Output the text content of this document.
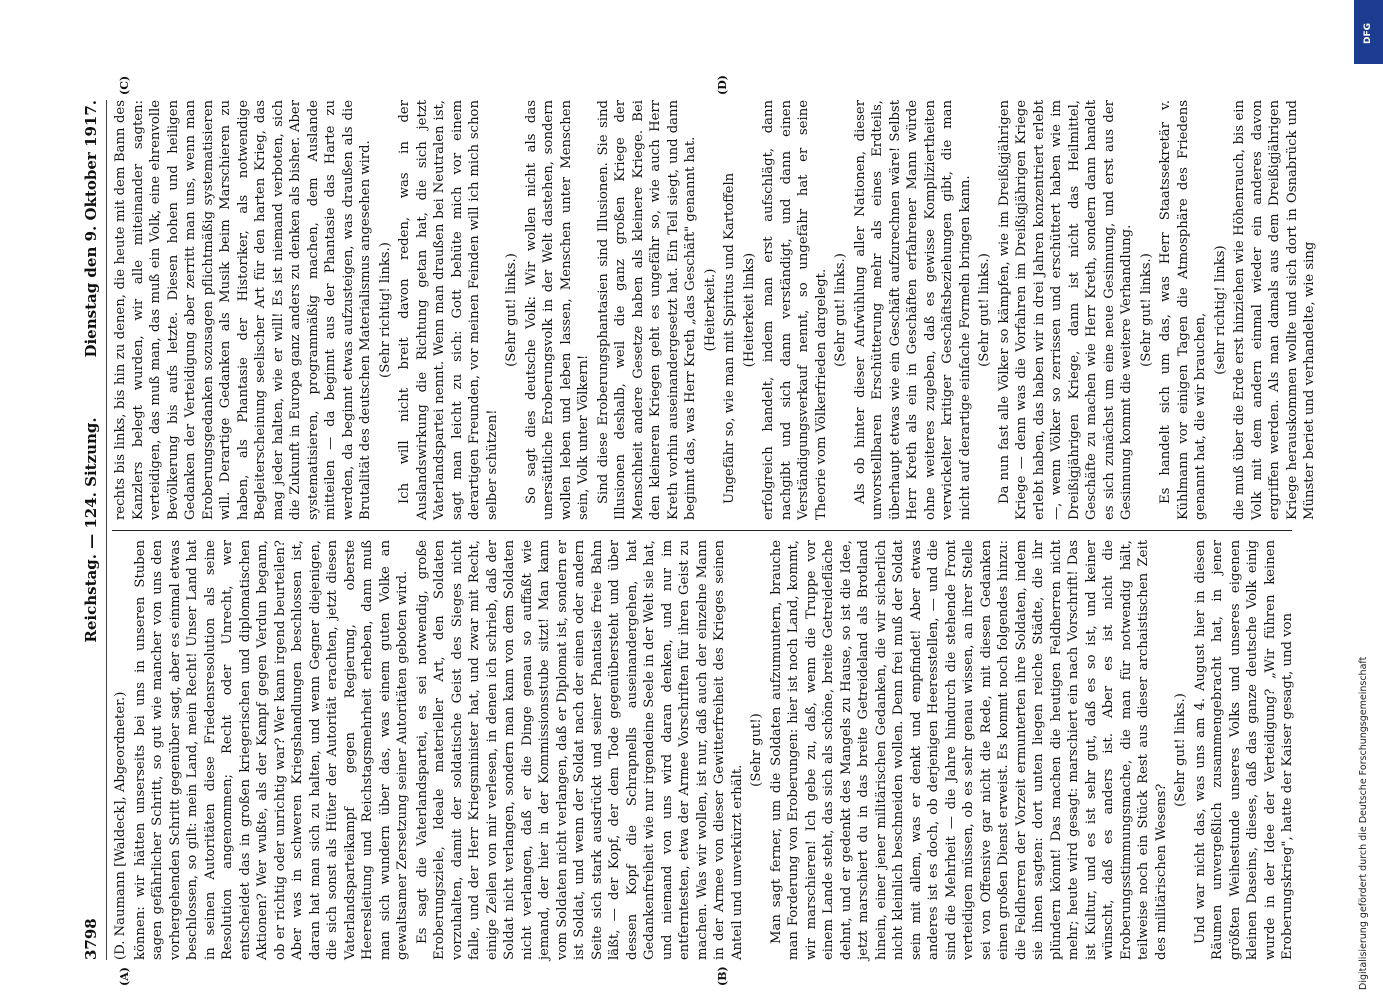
3798
Reichstag. — 124. Sitzung.
Dienstag den 9. Oktober 1917.
(A)	(B)
(C)	(D)

(D. Naumann [Waldeck], Abgeordneter.) können: wir hätten unserseits bei uns in unseren Stuben sagen gefährlicher Schritt, so gut wie mancher von uns den vorhergehenden Schritt gegenüber sagt, aber es einmal etwas beschlossen, so gilt: mein Land, mein Recht! Unser Land hat in seinen Autoritäten diese Friedensresolution als seine Resolution angenommen; Recht oder Unrecht, wer entscheidet das in großen kriegerischen und diplomatischen Aktionen? Wer wußte, als der Kampf gegen Verdun begann, ob er richtig oder unrichtig war? Wer kann irgend beurteilen? Aber was in schweren Kriegshandlungen beschlossen ist, daran hat man sich zu halten, und wenn Gegner diejenigen, die sich sonst als Hüter der Autorität erachten, jetzt diesen Vaterlandsparteikampf gegen Regierung, oberste Heeresleitung und Reichstagsmehrheit erheben, dann muß man sich wundern über das, was einem guten Volke an gewaltsamer Zersetzung seiner Autoritäten geboten wird. Es sagt die Vaterlandspartei, es sei notwendig, große Eroberungsziele, Ideale materieller Art, den Soldaten vorzuhalten, damit der soldatische Geist des Sieges nicht falle, und der Herr Kriegsminister hat, und zwar mit Recht, einige Zeilen von mir verlesen, in denen ich schrieb, daß der Soldat nicht verlangen, sondern man kann von dem Soldaten nicht verlangen, daß er die Dinge genau so auffaßt wie jemand, der hier in der Kommissionsstube sitzt! Man kann vom Soldaten nicht verlangen, daß er Diplomat ist, sondern er ist Soldat, und wenn der Soldat nach der einen oder andern Seite sich stark ausdrückt und seiner Phantasie freie Bahn läßt, — der Kopf, der dem Tode gegenübersteht und über dessen Kopf die Schrapnells auseinandergehen, hat Gedankenfreiheit wie nur irgendeine Seele in der Welt sie hat, und niemand von uns wird daran denken, und nur im entferntesten, etwa der Armee Vorschriften für ihren Geist zu machen. Was wir wollen, ist nur, daß auch der einzelne Mann in der Armee von dieser Gewitterfreiheit des Krieges seinen Anteil und unverkürzt erhält.

(Sehr gut!) Man sagt ferner, um die Soldaten aufzumuntern, brauche man Forderung von Eroberungen: hier ist noch Land, kommt, wir marschieren! Ich gebe zu, daß, wenn die Truppe vor einem Lande steht, das sich als schöne, breite Getreidefläche dehnt, und er gedenkt des Mangels zu Hause, so ist die Idee, jetzt marschiert du in das breite Getreideland als Brotland hinein, einer jener militärischen Gedanken, die wir sicherlich nicht kleinlich beschneiden wollen. Denn frei muß der Soldat sein mit allem, was er denkt und empfindet! Aber etwas anderes ist es doch, ob derjenigen Heeresstellen, — und die sind die Mehrheit — die Jahre hindurch die stehende Front verteidigen müssen, ob es sehr genau wissen, an ihrer Stelle sei von Offensive gar nicht die Rede, mit diesen Gedanken einen großen Dienst erweist. Es kommt noch folgendes hinzu: die Feldherren der Vorzeit ermunterten ihre Soldaten, indem sie ihnen sagten: dort unten liegen reiche Städte, die ihr plündern könnt! Das machen die heutigen Feldherren nicht mehr; heute wird gesagt: marschiert ein nach Vorschrift! Das ist Kultur, und es ist sehr gut, daß es so ist, und keiner wünscht, daß es anders ist. Aber es ist nicht die Eroberungsstimmungsmache, die man für notwendig hält, teilweise noch ein Stück Rest aus dieser archaistischen Zeit des militärischen Wesens?

(Sehr gut! links.) Und war nicht das, was uns am 4. August hier in diesen Räumen unvergeßlich zusammengebracht hat, in jener größten Weihestunde unseres Volks und unseres eigenen kleinen Daseins, dieses, daß das ganze deutsche Volk einig wurde in der Idee der Verteidigung? „Wir führen keinen Eroberungskrieg", hatte der Kaiser gesagt, und von

rechts bis links, bis hin zu denen, die heute mit dem Bann des Kanzlers belegt wurden, wir alle miteinander sagten: verteidigen, das muß man, das muß ein Volk, eine ehrenvolle Bevölkerung bis aufs letzte. Diesen hohen und heiligen Gedanken der Verteidigung aber zerritt man uns, wenn man Eroberungsgedanken sozusagen pflichtmäßig systematisieren will. Derartige Gedanken als Musik beim Marschieren zu haben, als Phantasie der Historiker, als notwendige Begleiterscheinung seelischer Art für den harten Krieg, das mag jeder halten, wie er will! Es ist niemand verboten, sich die Zukunft in Europa ganz anders zu denken als bisher. Aber systematisieren, programmäßig machen, dem Auslande mitteilen — da beginnt aus der Phantasie das Harte zu werden, da beginnt etwas aufzusteigen, was draußen als die Brutalität des deutschen Materialismus angesehen wird. (Sehr richtig! links.) Ich will nicht breit davon reden, was in der Auslandswirkung die Richtung getan hat, die sich jetzt Vaterlandspartei nennt. Wenn man draußen bei Neutralen ist, sagt man leicht zu sich: Gott behüte mich vor einem derartigen Freunden, vor meinen Feinden will ich mich schon selber schützen!

(Sehr gut! links.) So sagt dies deutsche Volk: Wir wollen nicht als das unersättliche Eroberungsvolk in der Welt dastehen, sondern wollen leben und leben lassen, Menschen unter Menschen sein, Volk unter Völkern! Sind diese Eroberungsphantasien sind Illusionen. Sie sind Illusionen deshalb, weil die ganz großen Kriege der Menschheit andere Gesetze haben als kleinere Kriege. Bei den kleineren Kriegen geht es ungefähr so, wie auch Herr Kreth vorhin auseinandergesetzt hat. Ein Teil siegt, und dann beginnt das, was Herr Kreth „das Geschäft" genannt hat. (Heiterkeit.) Ungefähr so, wie man mit Spiritus und Kartoffeln (Heiterkeit links) erfolgreich handelt, indem man erst aufschlägt, dann nachgibt und sich dann verständigt, und dann einen Verständigungsverkauf nennt, so ungefähr hat er seine Theorie vom Völkerfrieden dargelegt. (Sehr gut! links.) Als ob hinter dieser Aufwühlung aller Nationen, dieser unvorstellbaren Erschütterung mehr als eines Erdteils, überhaupt etwas wie ein Geschäft aufzurechnen wäre! Selbst Herr Kreth als ein in Geschäften erfahrener Mann würde ohne weiteres zugeben, daß es gewisse Kompliziertheiten verwickelter kritiger Geschäftsbeziehungen gibt, die man nicht auf derartige einfache Formeln bringen kann. (Sehr gut! links.) Da nun fast alle Völker so kämpfen, wie im Dreißigjährigen Kriege — denn was die Vorfahren im Dreißigjährigen Kriege erlebt haben, das haben wir in drei Jahren konzentriert erlebt —, wenn Völker so zerrissen und erschüttert haben wie im Dreißigjährigen Kriege, dann ist nicht das Heilmittel, Geschäfte zu machen wie Herr Kreth, sondern dann handelt es sich zunächst um eine neue Gesinnung, und erst aus der Gesinnung kommt die weitere Verhandlung. (Sehr gut! links.) Es handelt sich um das, was Herr Staatssekretär v. Kühlmann vor einigen Tagen die Atmosphäre des Friedens genannt hat, die wir brauchen,

(sehr richtig! links) die muß über die Erde erst hinziehen wie Höhenrauch, bis ein Volk mit dem andern einmal wieder ein anderes davon ergriffen werden. Als man damals aus dem Dreißigjährigen Kriege herauskommen wollte und sich dort in Osnabrück und Münster beriet und verhandelte, wie sing

DFG
Digitalisierung gefördert durch die Deutsche Forschungsgemeinschaft
